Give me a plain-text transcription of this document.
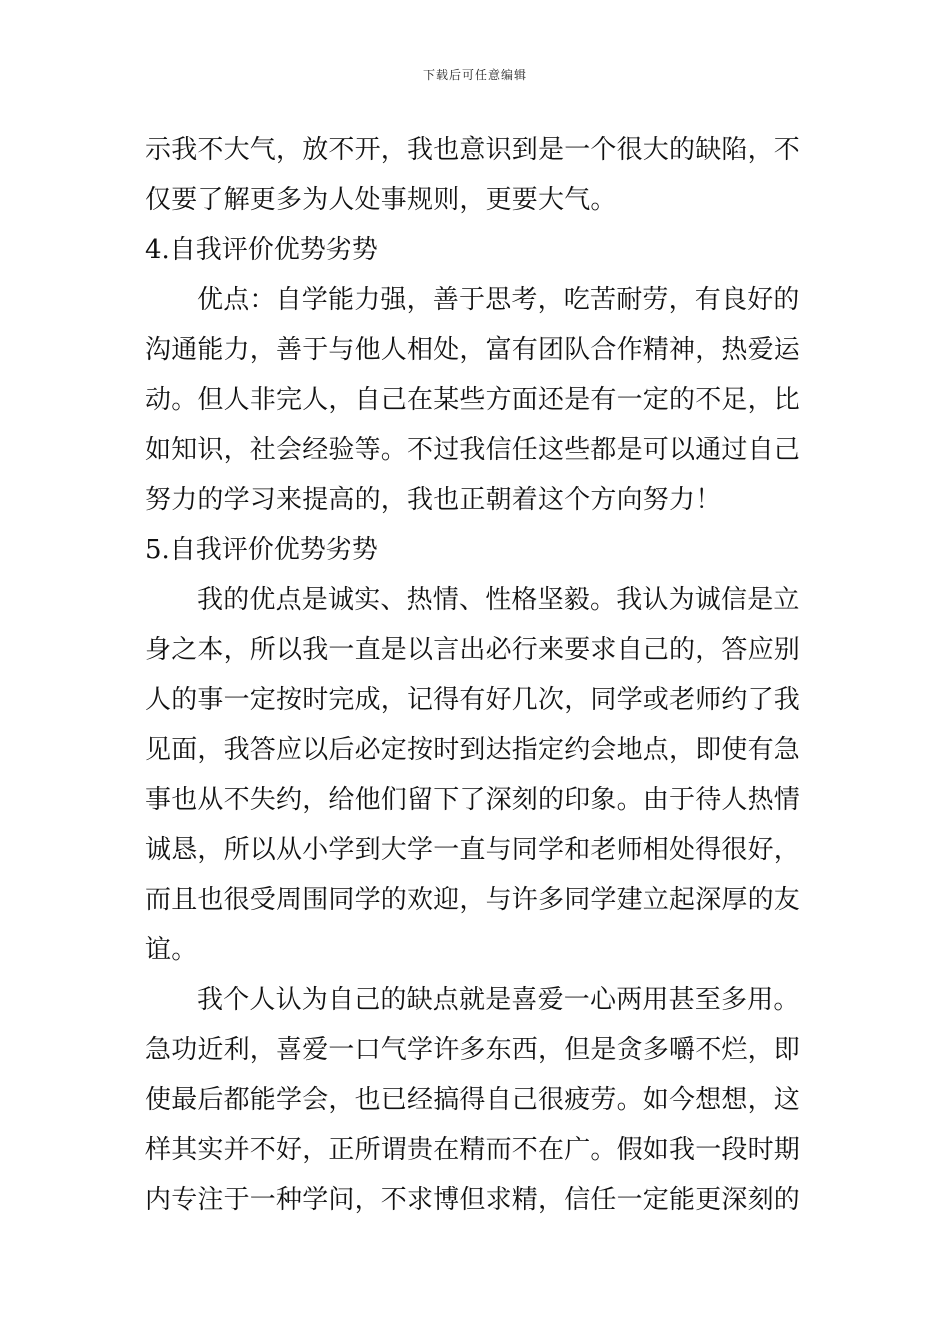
下载后可任意编辑
示我不大气，放不开，我也意识到是一个很大的缺陷，不
仅要了解更多为人处事规则，更要大气。
4.自我评价优势劣势
优点：自学能力强，善于思考，吃苦耐劳，有良好的
沟通能力，善于与他人相处，富有团队合作精神，热爱运
动。但人非完人，自己在某些方面还是有一定的不足，比
如知识，社会经验等。不过我信任这些都是可以通过自己
努力的学习来提高的，我也正朝着这个方向努力！
5.自我评价优势劣势
我的优点是诚实、热情、性格坚毅。我认为诚信是立
身之本，所以我一直是以言出必行来要求自己的，答应别
人的事一定按时完成，记得有好几次，同学或老师约了我
见面，我答应以后必定按时到达指定约会地点，即使有急
事也从不失约，给他们留下了深刻的印象。由于待人热情
诚恳，所以从小学到大学一直与同学和老师相处得很好，
而且也很受周围同学的欢迎，与许多同学建立起深厚的友
谊。
我个人认为自己的缺点就是喜爱一心两用甚至多用。
急功近利，喜爱一口气学许多东西，但是贪多嚼不烂，即
使最后都能学会，也已经搞得自己很疲劳。如今想想，这
样其实并不好，正所谓贵在精而不在广。假如我一段时期
内专注于一种学问，不求博但求精，信任一定能更深刻的
